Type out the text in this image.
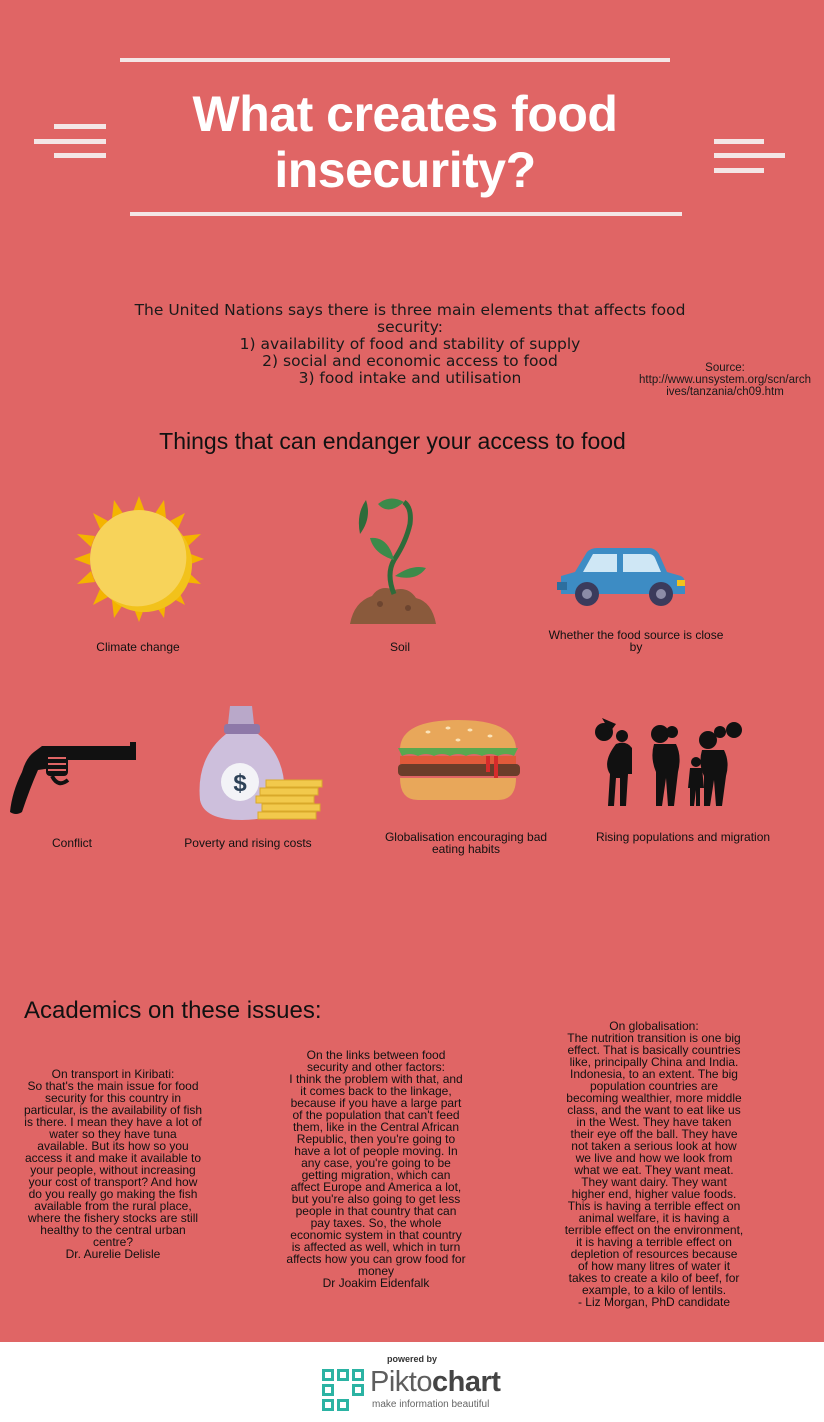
What creates food insecurity?
The United Nations says there is three main elements that affects food
security:
1) availability of food and stability of supply
2) social and economic access to food
3) food intake and utilisation
Source:
http://www.unsystem.org/scn/arch
ives/tanzania/ch09.htm
Things that can endanger your access to food
Climate change	Soil
Whether the food source is close
by
$
Conflict	Poverty and rising costs	Globalisation encouraging bad
eating habits
Rising populations and migration
Academics on these issues:
On transport in Kiribati:
So that's the main issue for food
security for this country in
particular, is the availability of fish
is there. I mean they have a lot of
water so they have tuna
available. But its how so you
access it and make it available to
your people, without increasing
your cost of transport? And how
do you really go making the fish
available from the rural place,
where the fishery stocks are still
healthy to the central urban
centre?
Dr. Aurelie Delisle
On the links between food
security and other factors:
I think the problem with that, and
it comes back to the linkage,
because if you have a large part
of the population that can't feed
them, like in the Central African
Republic, then you're going to
have a lot of people moving. In
any case, you're going to be
getting migration, which can
affect Europe and America a lot,
but you're also going to get less
people in that country that can
pay taxes. So, the whole
economic system in that country
is affected as well, which in turn
affects how you can grow food for
money
Dr Joakim Eidenfalk
On globalisation:
The nutrition transition is one big
effect. That is basically countries
like, principally China and India.
Indonesia, to an extent. The big
population countries are
becoming wealthier, more middle
class, and the want to eat like us
in the West. They have taken
their eye off the ball. They have
not taken a serious look at how
we live and how we look from
what we eat. They want meat.
They want dairy. They want
higher end, higher value foods.
This is having a terrible effect on
animal welfare, it is having a
terrible effect on the environment,
it is having a terrible effect on
depletion of resources because
of how many litres of water it
takes to create a kilo of beef, for
example, to a kilo of lentils.
- Liz Morgan, PhD candidate
powered by
Piktochart
make information beautiful
